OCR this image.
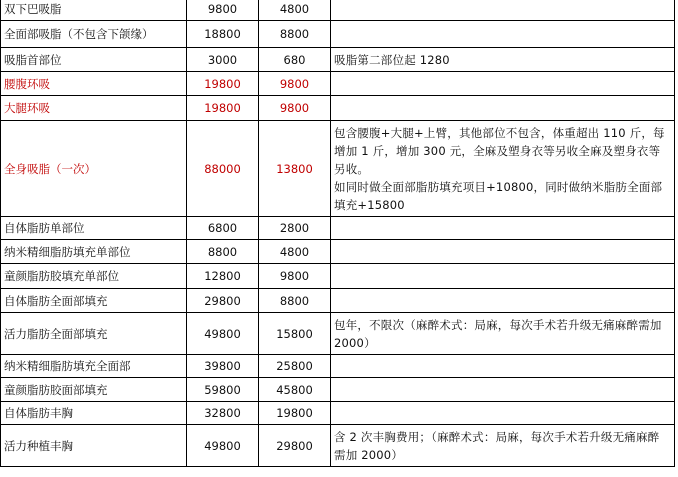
双下巴吸脂	9800	4800	
全面部吸脂（不包含下颌缘）	18800	8800	
吸脂首部位	3000	680	吸脂第二部位起 1280

腰腹环吸	19800	9800	
大腿环吸	19800	9800	
全身吸脂（一次）	88000	13800	包含腰腹+大腿+上臂，其他部位不包含，体重超出 110 斤，每增加 1 斤，增加 300 元，全麻及塑身衣等另收全麻及塑身衣等另收。
如同时做全面部脂肪填充项目+10800，同时做纳米脂肪全面部填充+15800

自体脂肪单部位	6800	2800	
纳米精细脂肪填充单部位	8800	4800	
童颜脂肪胶填充单部位	12800	9800	
自体脂肪全面部填充	29800	8800	
活力脂肪全面部填充	49800	15800	包年，不限次（麻醉术式：局麻，每次手术若升级无痛麻醉需加 2000）

纳米精细脂肪填充全面部	39800	25800	
童颜脂肪胶面部填充	59800	45800	
自体脂肪丰胸	32800	19800	
活力种植丰胸	49800	29800	含 2 次丰胸费用；（麻醉术式：局麻，每次手术若升级无痛麻醉需加 2000）
